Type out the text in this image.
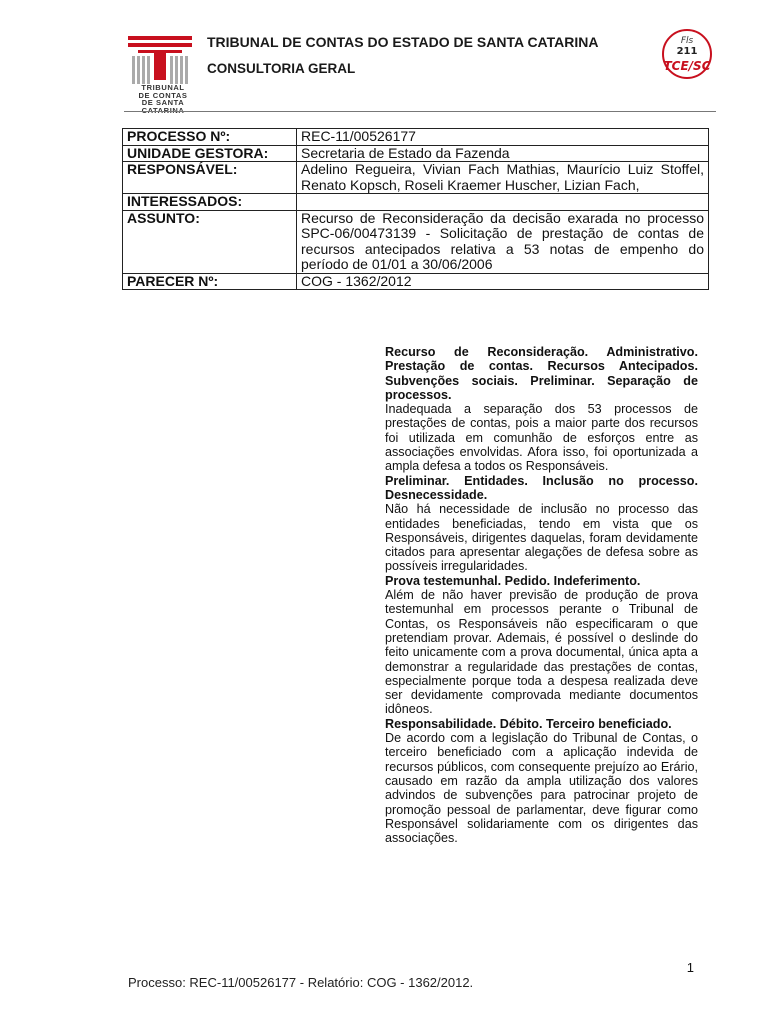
TRIBUNAL
DE CONTAS
DE SANTA
CATARINA
TRIBUNAL DE CONTAS DO ESTADO DE SANTA CATARINA
CONSULTORIA GERAL
Fls
211
TCE/SC
PROCESSO Nº:	REC-11/00526177
UNIDADE GESTORA:	Secretaria de Estado da Fazenda
RESPONSÁVEL:	Adelino Regueira, Vivian Fach Mathias, Maurício Luiz Stoffel, Renato Kopsch, Roseli Kraemer Huscher, Lizian Fach,
INTERESSADOS:	
ASSUNTO:	Recurso de Reconsideração da decisão exarada no processo SPC-06/00473139 - Solicitação de prestação de contas de recursos antecipados relativa a 53 notas de empenho do período de 01/01 a 30/06/2006
PARECER Nº:	COG - 1362/2012

Recurso de Reconsideração. Administrativo. Prestação de contas. Recursos Antecipados. Subvenções sociais. Preliminar. Separação de processos.

Inadequada a separação dos 53 processos de prestações de contas, pois a maior parte dos recursos foi utilizada em comunhão de esforços entre as associações envolvidas. Afora isso, foi oportunizada a ampla defesa a todos os Responsáveis.

Preliminar. Entidades. Inclusão no processo. Desnecessidade.

Não há necessidade de inclusão no processo das entidades beneficiadas, tendo em vista que os Responsáveis, dirigentes daquelas, foram devidamente citados para apresentar alegações de defesa sobre as possíveis irregularidades.

Prova testemunhal. Pedido. Indeferimento.

Além de não haver previsão de produção de prova testemunhal em processos perante o Tribunal de Contas, os Responsáveis não especificaram o que pretendiam provar. Ademais, é possível o deslinde do feito unicamente com a prova documental, única apta a demonstrar a regularidade das prestações de contas, especialmente porque toda a despesa realizada deve ser devidamente comprovada mediante documentos idôneos.

Responsabilidade. Débito. Terceiro beneficiado.

De acordo com a legislação do Tribunal de Contas, o terceiro beneficiado com a aplicação indevida de recursos públicos, com consequente prejuízo ao Erário, causado em razão da ampla utilização dos valores advindos de subvenções para patrocinar projeto de promoção pessoal de parlamentar, deve figurar como Responsável solidariamente com os dirigentes das associações.

1
Processo: REC-11/00526177 - Relatório: COG - 1362/2012.
